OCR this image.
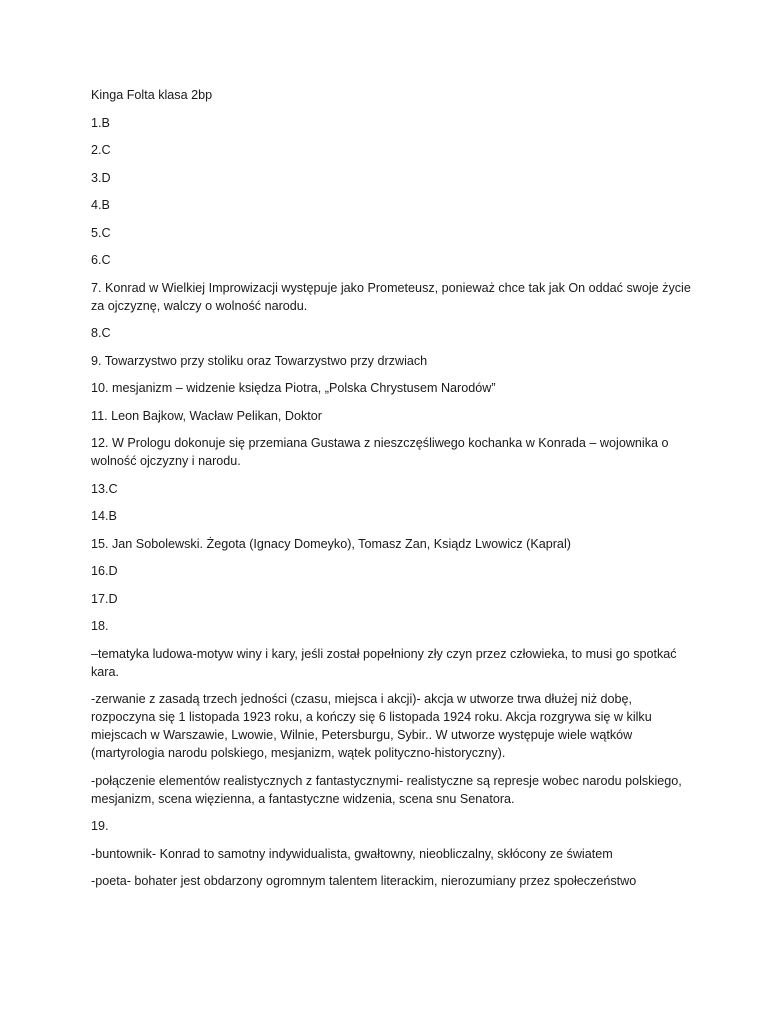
Kinga Folta klasa 2bp

1.B

2.C

3.D

4.B

5.C

6.C

7. Konrad w Wielkiej Improwizacji występuje jako Prometeusz, ponieważ chce tak jak On oddać swoje życie za ojczyznę, walczy o wolność narodu.

8.C

9. Towarzystwo przy stoliku oraz Towarzystwo przy drzwiach

10. mesjanizm – widzenie księdza Piotra, „Polska Chrystusem Narodów”

11. Leon Bajkow, Wacław Pelikan, Doktor

12. W Prologu dokonuje się przemiana Gustawa z nieszczęśliwego kochanka w Konrada – wojownika o wolność ojczyzny i narodu.

13.C

14.B

15. Jan Sobolewski. Żegota (Ignacy Domeyko), Tomasz Zan, Ksiądz Lwowicz (Kapral)

16.D

17.D

18.

–tematyka ludowa-motyw winy i kary, jeśli został popełniony zły czyn przez człowieka, to musi go spotkać kara.

-zerwanie z zasadą trzech jedności (czasu, miejsca i akcji)- akcja w utworze trwa dłużej niż dobę, rozpoczyna się 1 listopada 1923 roku, a kończy się 6 listopada 1924 roku. Akcja rozgrywa się w kilku miejscach w Warszawie, Lwowie, Wilnie, Petersburgu, Sybir.. W utworze występuje wiele wątków (martyrologia narodu polskiego, mesjanizm, wątek polityczno-historyczny).

-połączenie elementów realistycznych z fantastycznymi- realistyczne są represje wobec narodu polskiego, mesjanizm, scena więzienna, a fantastyczne widzenia, scena snu Senatora.

19.

-buntownik- Konrad to samotny indywidualista, gwałtowny, nieobliczalny, skłócony ze światem

-poeta- bohater jest obdarzony ogromnym talentem literackim, nierozumiany przez społeczeństwo
